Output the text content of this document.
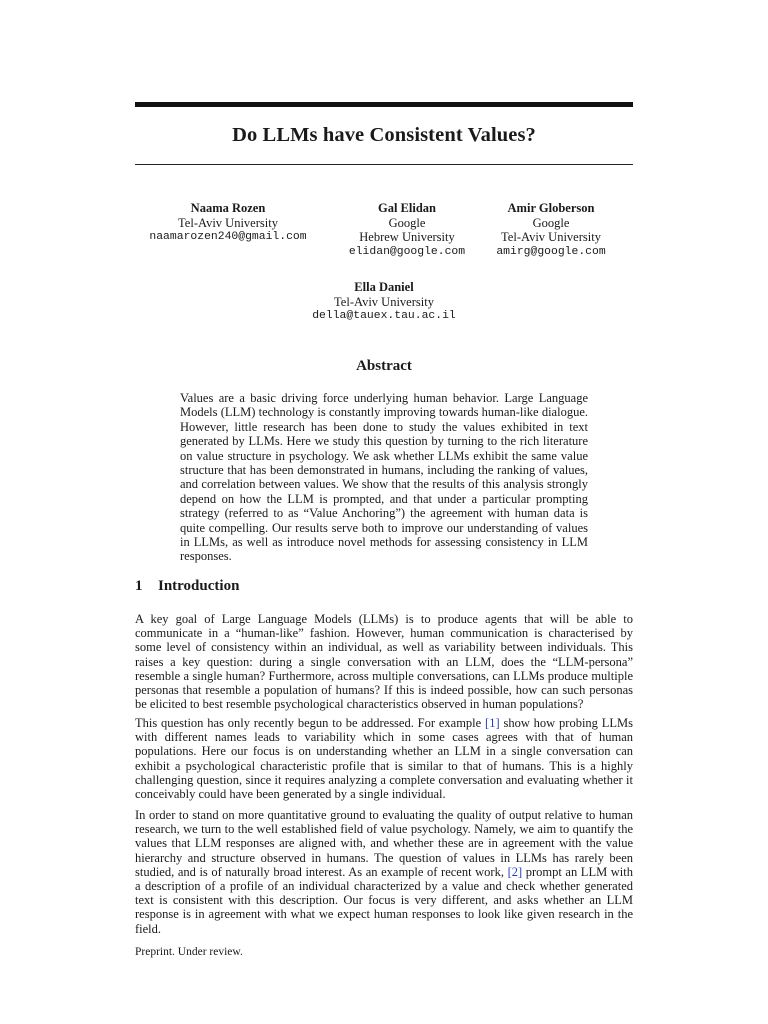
Do LLMs have Consistent Values?
Naama Rozen
Tel-Aviv University
naamarozen240@gmail.com
Gal Elidan
Google
Hebrew University
elidan@google.com
Amir Globerson
Google
Tel-Aviv University
amirg@google.com
Ella Daniel
Tel-Aviv University
della@tauex.tau.ac.il
Abstract
Values are a basic driving force underlying human behavior. Large Language Models (LLM) technology is constantly improving towards human-like dialogue. However, little research has been done to study the values exhibited in text generated by LLMs. Here we study this question by turning to the rich literature on value structure in psychology. We ask whether LLMs exhibit the same value structure that has been demonstrated in humans, including the ranking of values, and correlation between values. We show that the results of this analysis strongly depend on how the LLM is prompted, and that under a particular prompting strategy (referred to as “Value Anchoring”) the agreement with human data is quite compelling. Our results serve both to improve our understanding of values in LLMs, as well as introduce novel methods for assessing consistency in LLM responses.
1 Introduction
A key goal of Large Language Models (LLMs) is to produce agents that will be able to communicate in a “human-like” fashion. However, human communication is characterised by some level of consistency within an individual, as well as variability between individuals. This raises a key question: during a single conversation with an LLM, does the “LLM-persona” resemble a single human? Furthermore, across multiple conversations, can LLMs produce multiple personas that resemble a population of humans? If this is indeed possible, how can such personas be elicited to best resemble psychological characteristics observed in human populations?
This question has only recently begun to be addressed. For example [1] show how probing LLMs with different names leads to variability which in some cases agrees with that of human populations. Here our focus is on understanding whether an LLM in a single conversation can exhibit a psychological characteristic profile that is similar to that of humans. This is a highly challenging question, since it requires analyzing a complete conversation and evaluating whether it conceivably could have been generated by a single individual.
In order to stand on more quantitative ground to evaluating the quality of output relative to human research, we turn to the well established field of value psychology. Namely, we aim to quantify the values that LLM responses are aligned with, and whether these are in agreement with the value hierarchy and structure observed in humans. The question of values in LLMs has rarely been studied, and is of naturally broad interest. As an example of recent work, [2] prompt an LLM with a description of a profile of an individual characterized by a value and check whether generated text is consistent with this description. Our focus is very different, and asks whether an LLM response is in agreement with what we expect human responses to look like given research in the field.
Preprint. Under review.
